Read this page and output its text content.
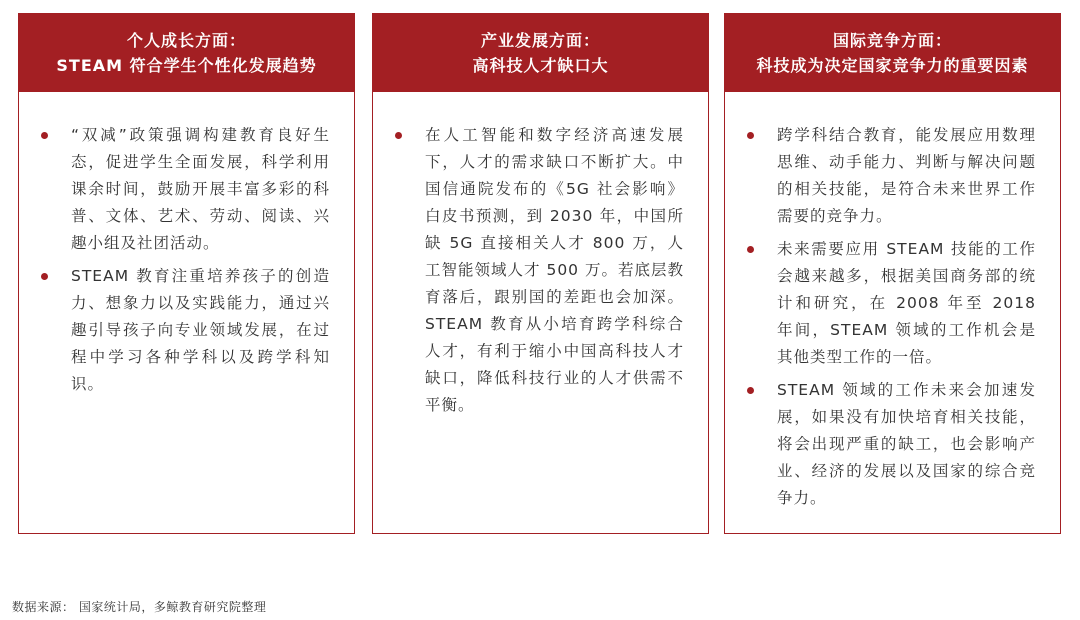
个人成长方面：
STEAM 符合学生个性化发展趋势
“双减”政策强调构建教育良好生态，促进学生全面发展，科学利用课余时间，鼓励开展丰富多彩的科普、文体、艺术、劳动、阅读、兴趣小组及社团活动。
STEAM 教育注重培养孩子的创造力、想象力以及实践能力，通过兴趣引导孩子向专业领域发展，在过程中学习各种学科以及跨学科知识。
产业发展方面：
高科技人才缺口大
在人工智能和数字经济高速发展下，人才的需求缺口不断扩大。中国信通院发布的《5G 社会影响》白皮书预测，到 2030 年，中国所缺 5G 直接相关人才 800 万，人工智能领域人才 500 万。若底层教育落后，跟别国的差距也会加深。STEAM 教育从小培育跨学科综合人才，有利于缩小中国高科技人才缺口，降低科技行业的人才供需不平衡。
国际竞争方面：
科技成为决定国家竞争力的重要因素
跨学科结合教育，能发展应用数理思维、动手能力、判断与解决问题的相关技能，是符合未来世界工作需要的竞争力。
未来需要应用 STEAM 技能的工作会越来越多，根据美国商务部的统计和研究，在 2008 年至 2018 年间，STEAM 领域的工作机会是其他类型工作的一倍。
STEAM 领域的工作未来会加速发展，如果没有加快培育相关技能，将会出现严重的缺工，也会影响产业、经济的发展以及国家的综合竞争力。
数据来源： 国家统计局，多鲸教育研究院整理
